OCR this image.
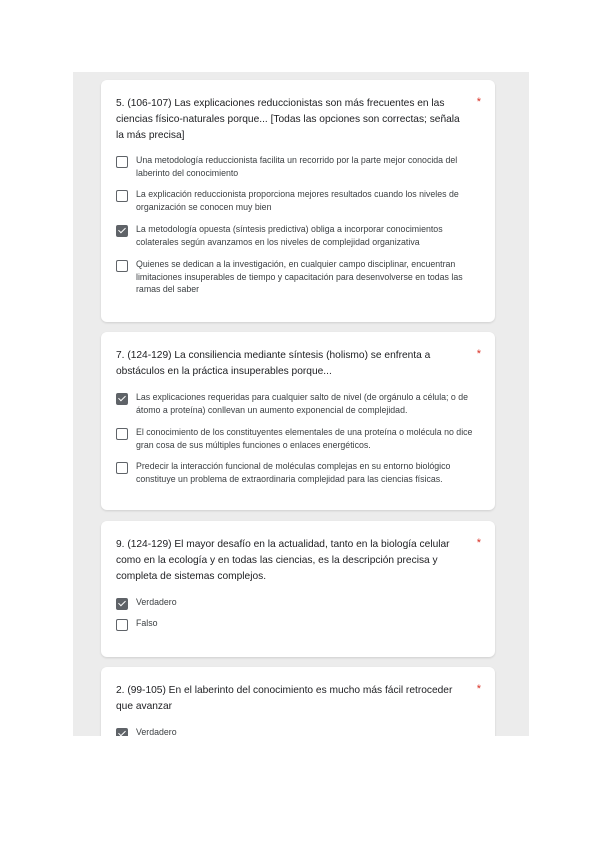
5. (106-107) Las explicaciones reduccionistas son más frecuentes en las ciencias físico-naturales porque... [Todas las opciones son correctas; señala la más precisa]
*
Una metodología reduccionista facilita un recorrido por la parte mejor conocida del laberinto del conocimiento
La explicación reduccionista proporciona mejores resultados cuando los niveles de organización se conocen muy bien
La metodología opuesta (síntesis predictiva) obliga a incorporar conocimientos colaterales según avanzamos en los niveles de complejidad organizativa
Quienes se dedican a la investigación, en cualquier campo disciplinar, encuentran limitaciones insuperables de tiempo y capacitación para desenvolverse en todas las ramas del saber
7. (124-129) La consiliencia mediante síntesis (holismo) se enfrenta a obstáculos en la práctica insuperables porque...
*
Las explicaciones requeridas para cualquier salto de nivel (de orgánulo a célula; o de átomo a proteína) conllevan un aumento exponencial de complejidad.
El conocimiento de los constituyentes elementales de una proteína o molécula no dice gran cosa de sus múltiples funciones o enlaces energéticos.
Predecir la interacción funcional de moléculas complejas en su entorno biológico constituye un problema de extraordinaria complejidad para las ciencias físicas.
9. (124-129) El mayor desafío en la actualidad, tanto en la biología celular como en la ecología y en todas las ciencias, es la descripción precisa y completa de sistemas complejos.
*
Verdadero
Falso
2. (99-105) En el laberinto del conocimiento es mucho más fácil retroceder que avanzar
*
Verdadero
